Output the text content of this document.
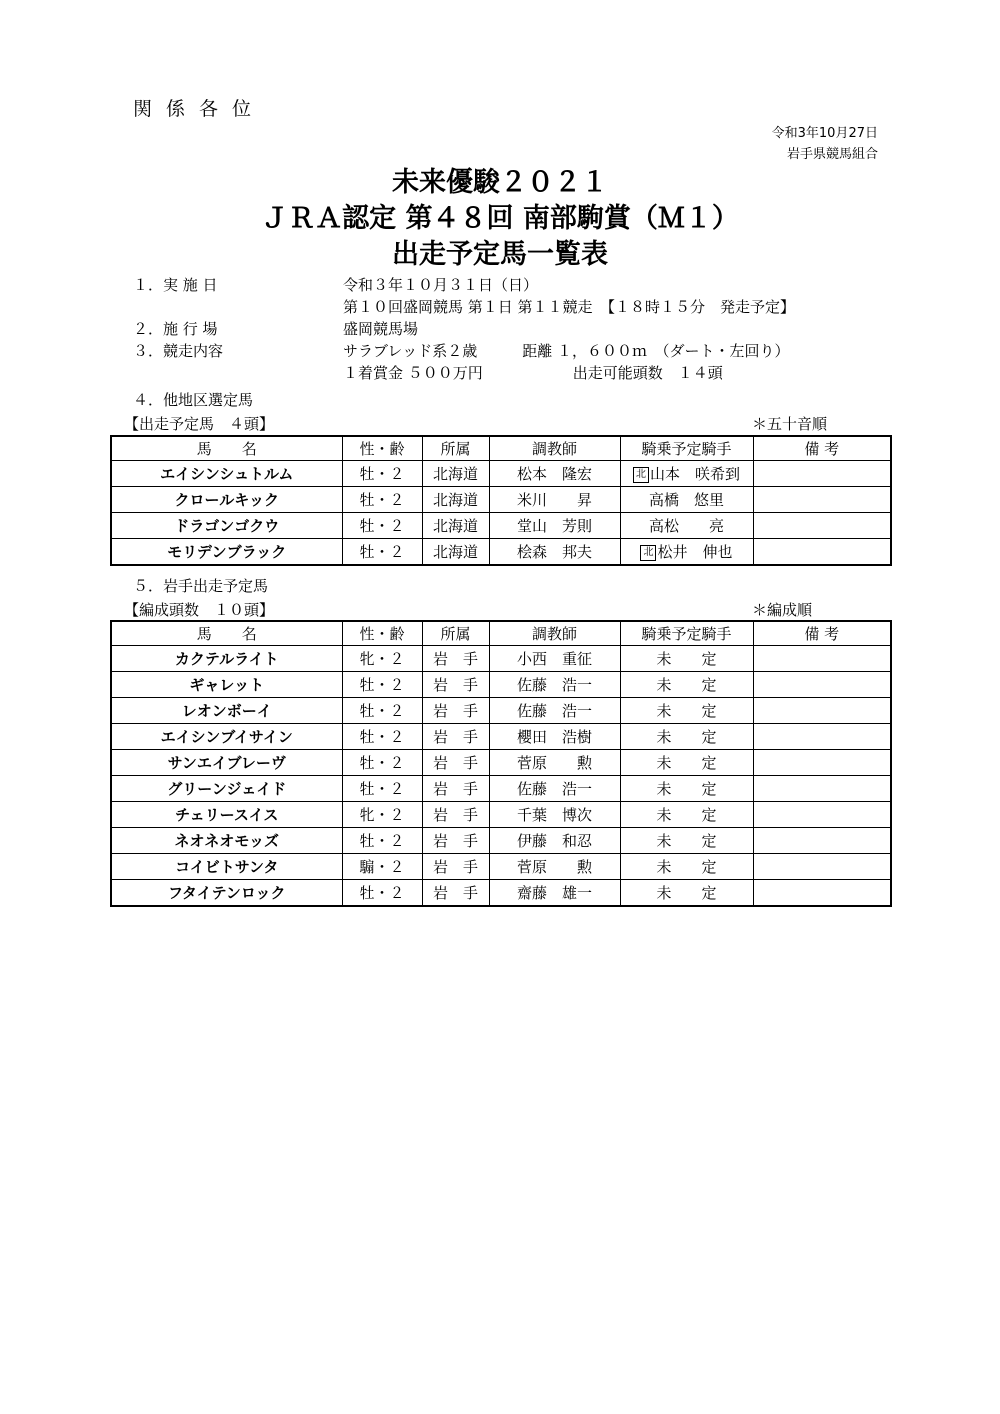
関係各位
令和3年10月27日
岩手県競馬組合
未来優駿２０２１
ＪＲＡ認定 第４８回 南部駒賞（Ｍ１）
出走予定馬一覧表
１．実 施 日	令和３年１０月３１日（日）
第１０回盛岡競馬 第１日 第１１競走　【１８時１５分　発走予定】
２．施 行 場	盛岡競馬場
３．競走内容	サラブレッド系２歳　　　距離 １，６００ｍ　（ダート・左回り）
１着賞金 ５００万円　　　　　　出走可能頭数　１４頭
４．他地区選定馬
【出走予定馬　４頭】	＊五十音順
馬　　名	性・齢	所属	調教師	騎乗予定騎手	備 考
エイシンシュトルム	牡・２	北海道	松本　隆宏	北 山本　咲希到	
クロールキック	牡・２	北海道	米川　　昇	高橋　悠里	
ドラゴンゴクウ	牡・２	北海道	堂山　芳則	高松　　亮	
モリデンブラック	牡・２	北海道	桧森　邦夫	北 松井　伸也	
５．岩手出走予定馬
【編成頭数　１０頭】	＊編成順
馬　　名	性・齢	所属	調教師	騎乗予定騎手	備 考
カクテルライト	牝・２	岩　手	小西　重征	未　　定	
ギャレット	牡・２	岩　手	佐藤　浩一	未　　定	
レオンボーイ	牡・２	岩　手	佐藤　浩一	未　　定	
エイシンブイサイン	牡・２	岩　手	櫻田　浩樹	未　　定	
サンエイブレーヴ	牡・２	岩　手	菅原　　勲	未　　定	
グリーンジェイド	牡・２	岩　手	佐藤　浩一	未　　定	
チェリースイス	牝・２	岩　手	千葉　博次	未　　定	
ネオネオモッズ	牡・２	岩　手	伊藤　和忍	未　　定	
コイビトサンタ	騸・２	岩　手	菅原　　勲	未　　定	
フタイテンロック	牡・２	岩　手	齋藤　雄一	未　　定	
